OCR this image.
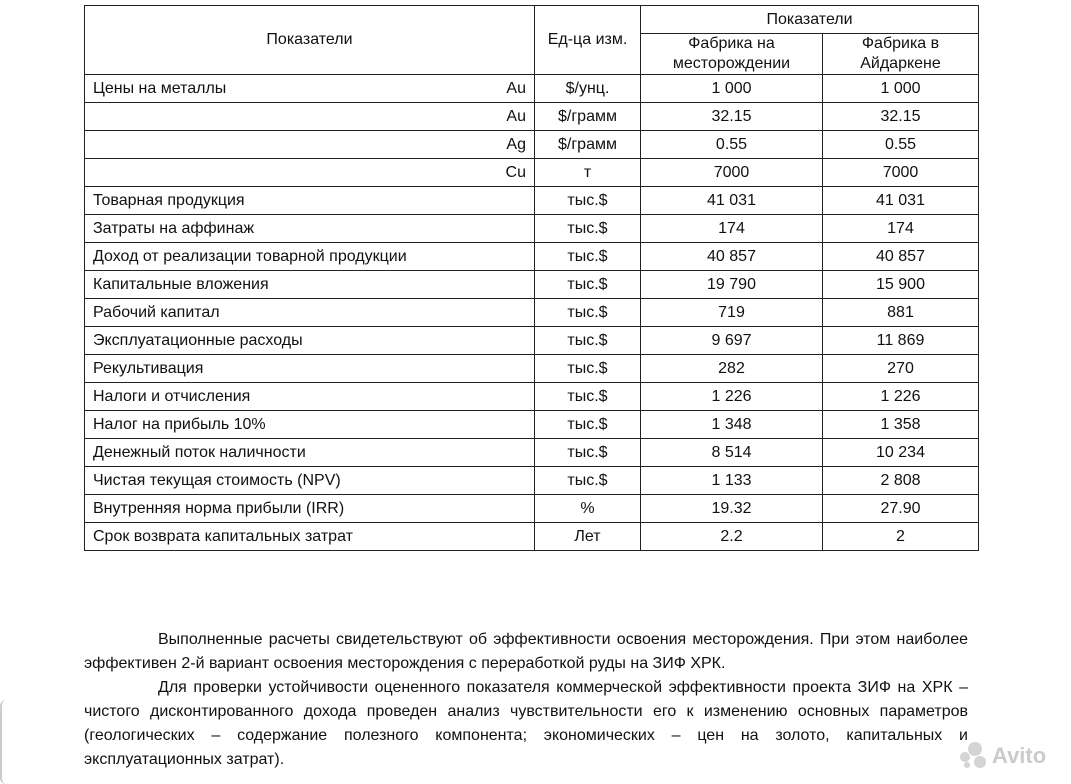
Показатели	Ед-ца изм.	Показатели	
		Фабрика на месторождении	Фабрика в Айдаркене

Цены на металлы Au	$/унц.	1 000	1 000

Au	$/грамм	32.15	32.15

Ag	$/грамм	0.55	0.55

Cu	т	7000	7000

Товарная продукция	тыс.$	41 031	41 031

Затраты на аффинаж	тыс.$	174	174

Доход от реализации товарной продукции	тыс.$	40 857	40 857

Капитальные вложения	тыс.$	19 790	15 900

Рабочий капитал	тыс.$	719	881

Эксплуатационные расходы	тыс.$	9 697	11 869

Рекультивация	тыс.$	282	270

Налоги и отчисления	тыс.$	1 226	1 226

Налог на прибыль 10%	тыс.$	1 348	1 358

Денежный поток наличности	тыс.$	8 514	10 234

Чистая текущая стоимость (NPV)	тыс.$	1 133	2 808

Внутренняя норма прибыли (IRR)	%	19.32	27.90

Срок возврата капитальных затрат	Лет	2.2	2

Выполненные расчеты свидетельствуют об эффективности освоения месторождения. При этом наиболее эффективен 2-й вариант освоения месторождения с переработкой руды на ЗИФ ХРК.

Для проверки устойчивости оцененного показателя коммерческой эффективности проекта ЗИФ на ХРК – чистого дисконтированного дохода проведен анализ чувствительности его к изменению основных параметров (геологических – содержание полезного компонента; экономических – цен на золото, капитальных и эксплуатационных затрат).	Avito
